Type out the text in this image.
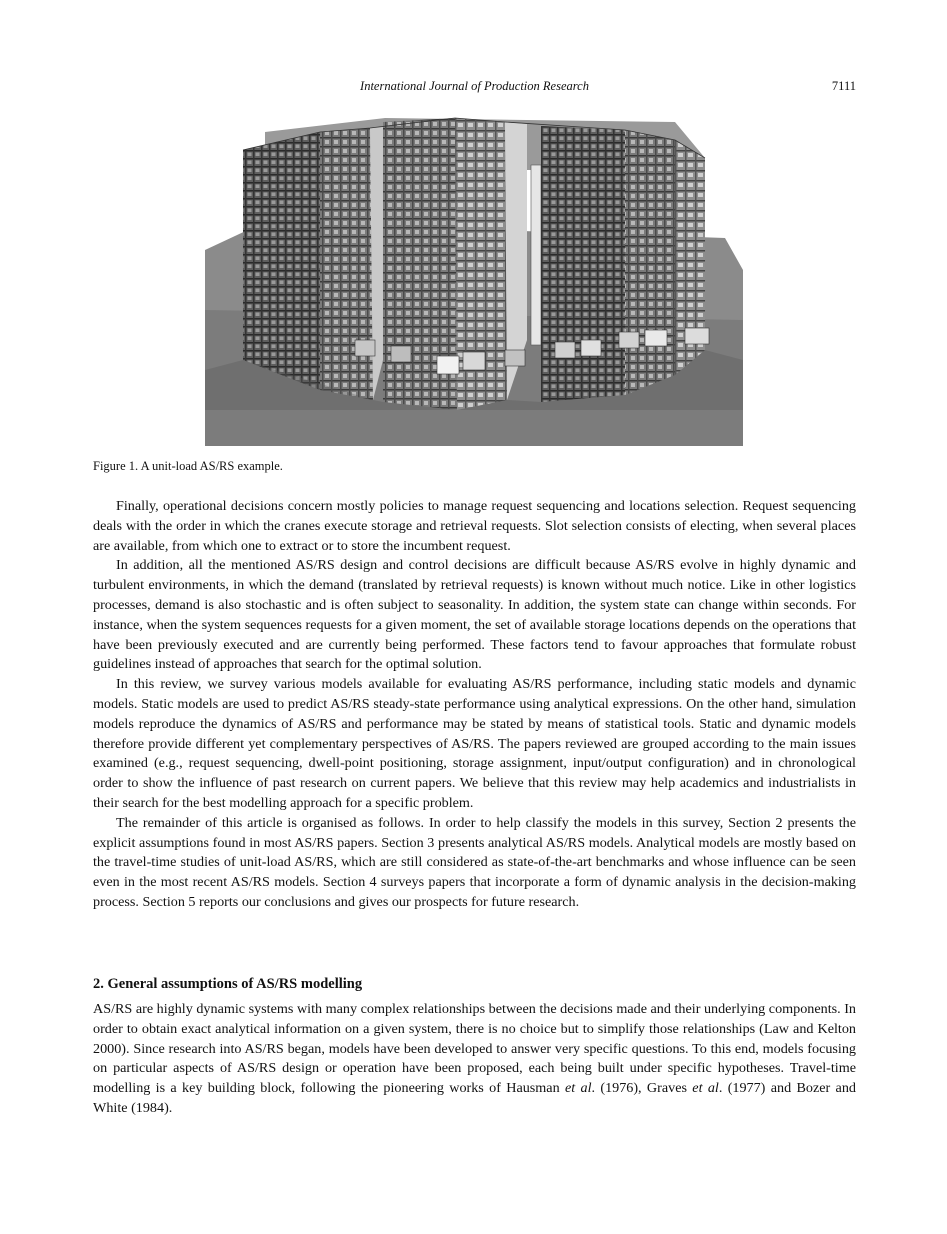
International Journal of Production Research	7111
Figure 1. A unit-load AS/RS example.

Finally, operational decisions concern mostly policies to manage request sequencing and locations selection. Request sequencing deals with the order in which the cranes execute storage and retrieval requests. Slot selection consists of electing, when several places are available, from which one to extract or to store the incumbent request.

In addition, all the mentioned AS/RS design and control decisions are difficult because AS/RS evolve in highly dynamic and turbulent environments, in which the demand (translated by retrieval requests) is known without much notice. Like in other logistics processes, demand is also stochastic and is often subject to seasonality. In addition, the system state can change within seconds. For instance, when the system sequences requests for a given moment, the set of available storage locations depends on the operations that have been previously executed and are currently being performed. These factors tend to favour approaches that formulate robust guidelines instead of approaches that search for the optimal solution.

In this review, we survey various models available for evaluating AS/RS performance, including static models and dynamic models. Static models are used to predict AS/RS steady-state performance using analytical expressions. On the other hand, simulation models reproduce the dynamics of AS/RS and performance may be stated by means of statistical tools. Static and dynamic models therefore provide different yet complementary perspectives of AS/RS. The papers reviewed are grouped according to the main issues examined (e.g., request sequencing, dwell-point positioning, storage assignment, input/output configuration) and in chronological order to show the influence of past research on current papers. We believe that this review may help academics and industrialists in their search for the best modelling approach for a specific problem.

The remainder of this article is organised as follows. In order to help classify the models in this survey, Section 2 presents the explicit assumptions found in most AS/RS papers. Section 3 presents analytical AS/RS models. Analytical models are mostly based on the travel-time studies of unit-load AS/RS, which are still considered as state-of-the-art benchmarks and whose influence can be seen even in the most recent AS/RS models. Section 4 surveys papers that incorporate a form of dynamic analysis in the decision-making process. Section 5 reports our conclusions and gives our prospects for future research.

2. General assumptions of AS/RS modelling

AS/RS are highly dynamic systems with many complex relationships between the decisions made and their underlying components. In order to obtain exact analytical information on a given system, there is no choice but to simplify those relationships (Law and Kelton 2000). Since research into AS/RS began, models have been developed to answer very specific questions. To this end, models focusing on particular aspects of AS/RS design or operation have been proposed, each being built under specific hypotheses. Travel-time modelling is a key building block, following the pioneering works of Hausman et al. (1976), Graves et al. (1977) and Bozer and White (1984).
